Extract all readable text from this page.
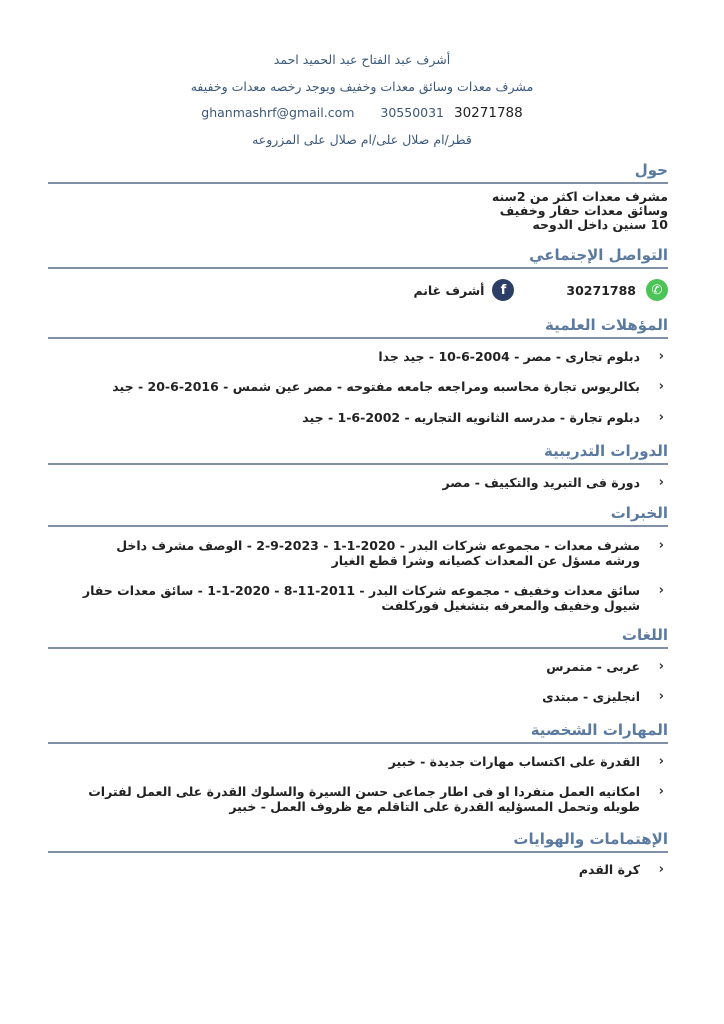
أشرف عبد الفتاح عبد الحميد احمد
مشرف معدات وسائق معدات وخفيف ويوجد رخصه معدات وخفيفه
ghanmashrf@gmail.com 30550031 30271788
قطر/ام صلال على/ام صلال على المزروعه
حول
مشرف معدات اكثر من 2سنه
وسائق معدات حفار وخفيف
10 سنين داخل الدوحه
التواصل الإجتماعي
✆
30271788
f
أشرف غانم
المؤهلات العلمية
‹
دبلوم تجارى - مصر - 2004-6-10 - جيد جدا
‹
بكالريوس تجارة محاسبه ومراجعه جامعه مفتوحه - مصر عين شمس - 2016-6-20 - جيد
‹
دبلوم تجارة - مدرسه الثانويه التجاريه - 2002-6-1 - جيد
الدورات التدريبية
‹
دورة فى التبريد والتكييف - مصر
الخبرات
‹
مشرف معدات - مجموعه شركات البدر - 2020-1-1 - 2023-9-2 - الوصف مشرف داخل ورشه مسؤل عن المعدات كصيانه وشرا قطع الغيار
‹
سائق معدات وخفيف - مجموعه شركات البدر - 2011-11-8 - 2020-1-1 - سائق معدات حفار شيول وخفيف والمعرفه بتشغيل فوركلفت
اللغات
‹
عربى - متمرس
‹
انجليزى - مبتدى
المهارات الشخصية
‹
القدرة على اكتساب مهارات جديدة - خبير
‹
امكانيه العمل منفردا او فى اطار جماعى حسن السيرة والسلوك القدرة على العمل لفترات طويله وتحمل المسؤليه القدرة على التاقلم مع ظروف العمل - خبير
الإهتمامات والهوايات
‹
كرة القدم
